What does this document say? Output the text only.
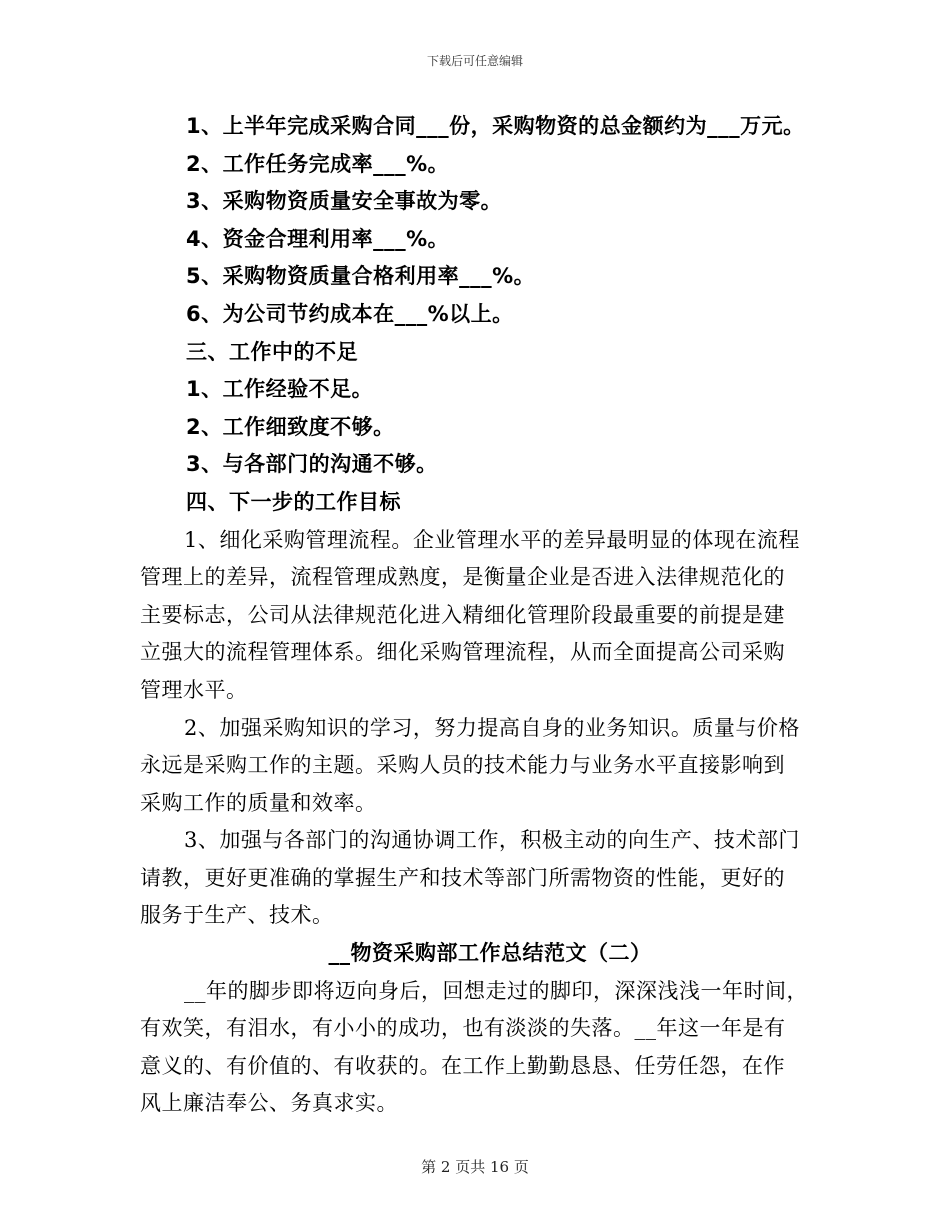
下载后可任意编辑
1、上半年完成采购合同___份，采购物资的总金额约为___万元。
2、工作任务完成率___%。
3、采购物资质量安全事故为零。
4、资金合理利用率___%。
5、采购物资质量合格利用率___%。
6、为公司节约成本在___%以上。
三、工作中的不足
1、工作经验不足。
2、工作细致度不够。
3、与各部门的沟通不够。
四、下一步的工作目标
1、细化采购管理流程。企业管理水平的差异最明显的体现在流程
管理上的差异，流程管理成熟度，是衡量企业是否进入法律规范化的
主要标志，公司从法律规范化进入精细化管理阶段最重要的前提是建
立强大的流程管理体系。细化采购管理流程，从而全面提高公司采购
管理水平。
2、加强采购知识的学习，努力提高自身的业务知识。质量与价格
永远是采购工作的主题。采购人员的技术能力与业务水平直接影响到
采购工作的质量和效率。
3、加强与各部门的沟通协调工作，积极主动的向生产、技术部门
请教，更好更准确的掌握生产和技术等部门所需物资的性能，更好的
服务于生产、技术。
__物资采购部工作总结范文（二）
__年的脚步即将迈向身后，回想走过的脚印，深深浅浅一年时间，
有欢笑，有泪水，有小小的成功，也有淡淡的失落。__年这一年是有
意义的、有价值的、有收获的。在工作上勤勤恳恳、任劳任怨，在作
风上廉洁奉公、务真求实。
第 2 页共 16 页
